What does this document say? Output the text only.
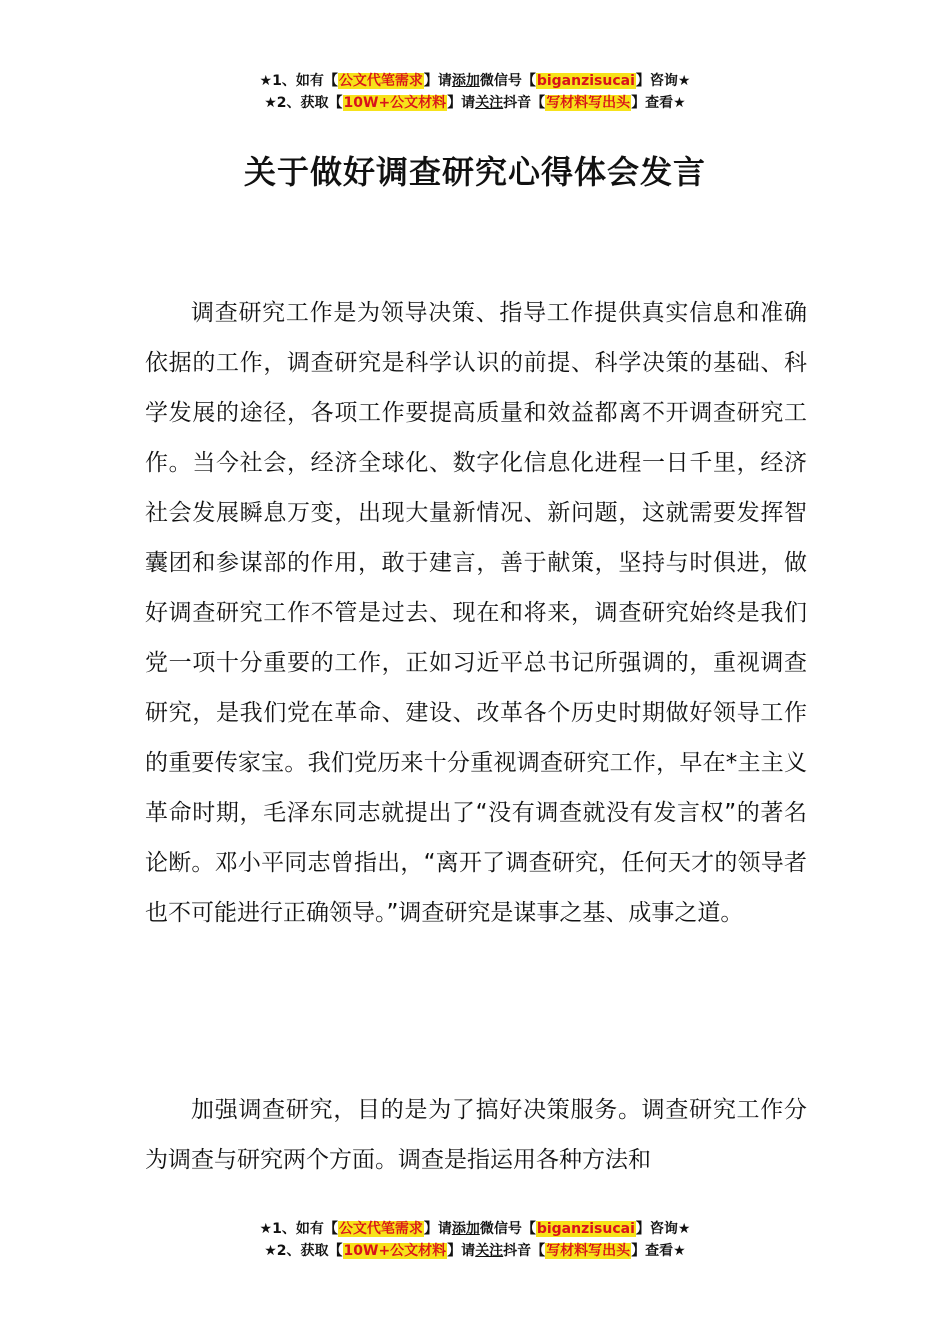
★1、如有【公文代笔需求】请添加微信号【biganzisucai】咨询★
★2、获取【10W+公文材料】请关注抖音【写材料写出头】查看★
关于做好调查研究心得体会发言

调查研究工作是为领导决策、指导工作提供真实信息和准确依据的工作，调查研究是科学认识的前提、科学决策的基础、科学发展的途径，各项工作要提高质量和效益都离不开调查研究工作。当今社会，经济全球化、数字化信息化进程一日千里，经济社会发展瞬息万变，出现大量新情况、新问题，这就需要发挥智囊团和参谋部的作用，敢于建言，善于献策，坚持与时俱进，做好调查研究工作不管是过去、现在和将来，调查研究始终是我们党一项十分重要的工作，正如习近平总书记所强调的，重视调查研究，是我们党在革命、建设、改革各个历史时期做好领导工作的重要传家宝。我们党历来十分重视调查研究工作，早在*主主义革命时期，毛泽东同志就提出了“没有调查就没有发言权”的著名论断。邓小平同志曾指出，“离开了调查研究，任何天才的领导者也不可能进行正确领导。”调查研究是谋事之基、成事之道。

加强调查研究，目的是为了搞好决策服务。调查研究工作分为调查与研究两个方面。调查是指运用各种方法和

★1、如有【公文代笔需求】请添加微信号【biganzisucai】咨询★
★2、获取【10W+公文材料】请关注抖音【写材料写出头】查看★
